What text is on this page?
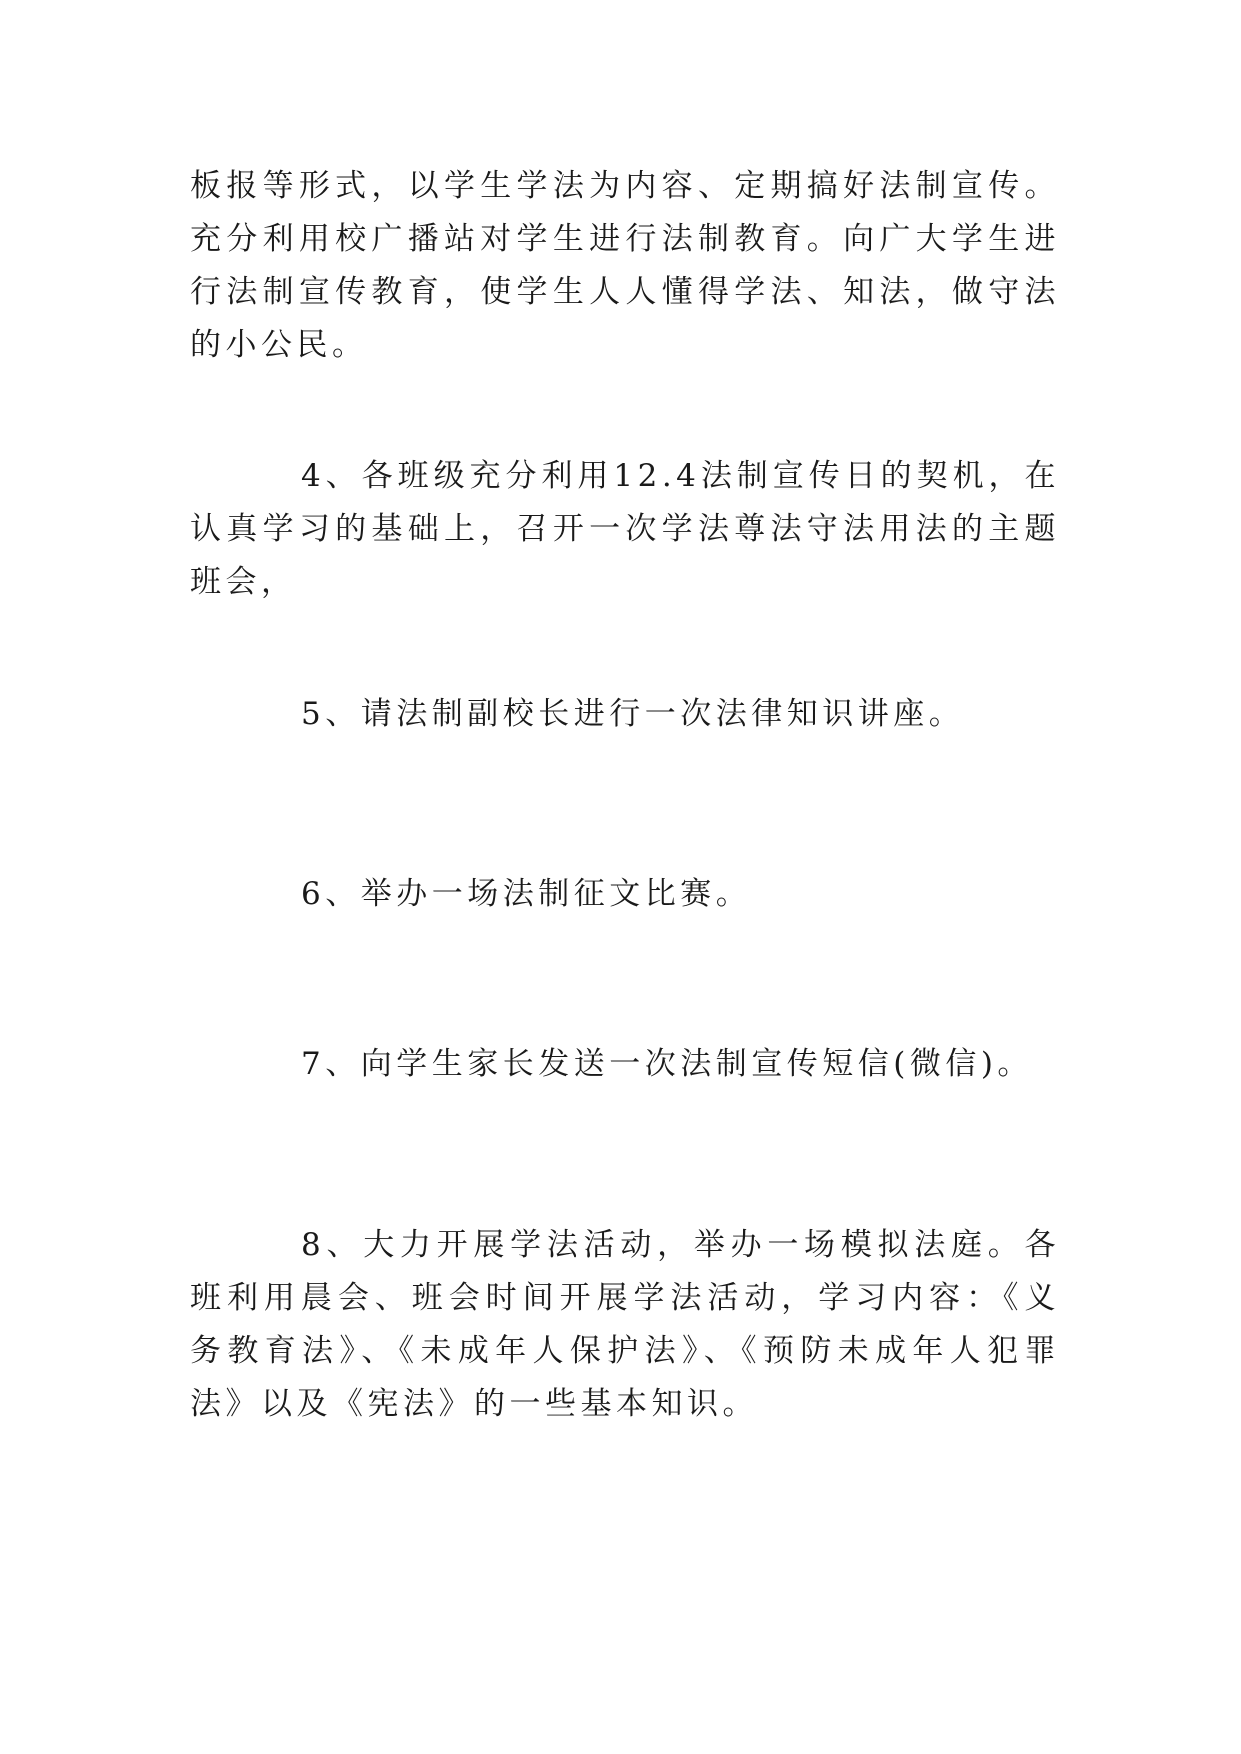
板报等形式，以学生学法为内容、定期搞好法制宣传。充分利用校广播站对学生进行法制教育。向广大学生进行法制宣传教育，使学生人人懂得学法、知法，做守法的小公民。

4、各班级充分利用12.4法制宣传日的契机，在认真学习的基础上，召开一次学法尊法守法用法的主题班会，

5、请法制副校长进行一次法律知识讲座。

6、举办一场法制征文比赛。

7、向学生家长发送一次法制宣传短信(微信)。

8、大力开展学法活动，举办一场模拟法庭。各班利用晨会、班会时间开展学法活动，学习内容：《义务教育法》、《未成年人保护法》、《预防未成年人犯罪法》以及《宪法》的一些基本知识。
